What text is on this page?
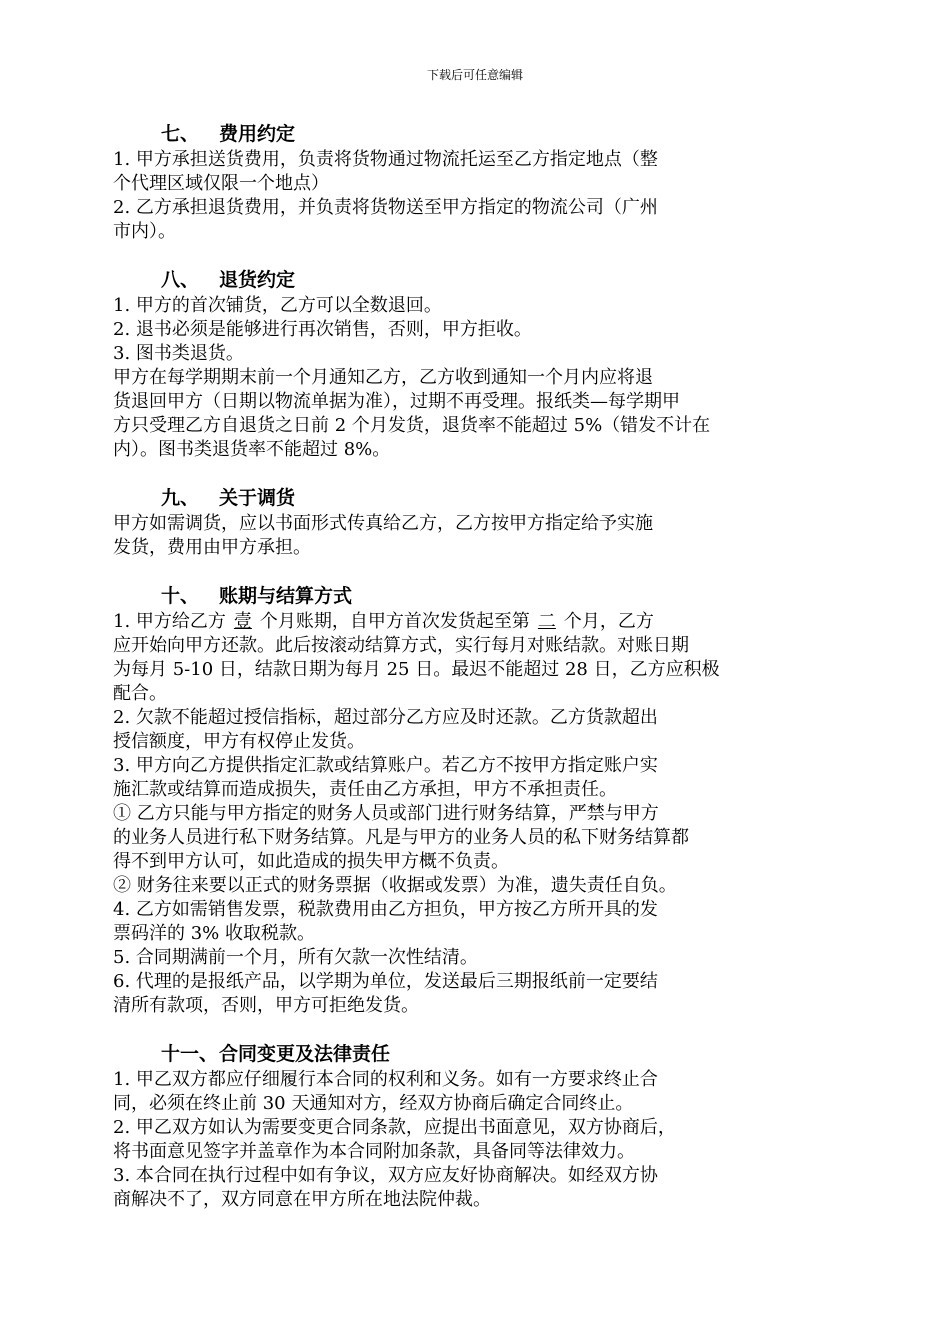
下载后可任意编辑
七、 费用约定

1. 甲方承担送货费用，负责将货物通过物流托运至乙方指定地点（整

个代理区域仅限一个地点）

2. 乙方承担退货费用，并负责将货物送至甲方指定的物流公司（广州

市内）。

八、 退货约定

1. 甲方的首次铺货，乙方可以全数退回。

2. 退书必须是能够进行再次销售，否则，甲方拒收。

3. 图书类退货。

甲方在每学期期末前一个月通知乙方，乙方收到通知一个月内应将退

货退回甲方（日期以物流单据为准），过期不再受理。报纸类—每学期甲

方只受理乙方自退货之日前 2 个月发货，退货率不能超过 5%（错发不计在

内）。图书类退货率不能超过 8%。

九、 关于调货

甲方如需调货，应以书面形式传真给乙方，乙方按甲方指定给予实施

发货，费用由甲方承担。

十、 账期与结算方式

1. 甲方给乙方 壹 个月账期，自甲方首次发货起至第 二 个月，乙方

应开始向甲方还款。此后按滚动结算方式，实行每月对账结款。对账日期

为每月 5-10 日，结款日期为每月 25 日。最迟不能超过 28 日，乙方应积极

配合。

2. 欠款不能超过授信指标，超过部分乙方应及时还款。乙方货款超出

授信额度，甲方有权停止发货。

3. 甲方向乙方提供指定汇款或结算账户。若乙方不按甲方指定账户实

施汇款或结算而造成损失，责任由乙方承担，甲方不承担责任。

① 乙方只能与甲方指定的财务人员或部门进行财务结算，严禁与甲方

的业务人员进行私下财务结算。凡是与甲方的业务人员的私下财务结算都

得不到甲方认可，如此造成的损失甲方概不负责。

② 财务往来要以正式的财务票据（收据或发票）为准，遗失责任自负。

4. 乙方如需销售发票，税款费用由乙方担负，甲方按乙方所开具的发

票码洋的 3% 收取税款。

5. 合同期满前一个月，所有欠款一次性结清。

6. 代理的是报纸产品，以学期为单位，发送最后三期报纸前一定要结

清所有款项，否则，甲方可拒绝发货。

十一、合同变更及法律责任

1. 甲乙双方都应仔细履行本合同的权利和义务。如有一方要求终止合

同，必须在终止前 30 天通知对方，经双方协商后确定合同终止。

2. 甲乙双方如认为需要变更合同条款，应提出书面意见，双方协商后，

将书面意见签字并盖章作为本合同附加条款，具备同等法律效力。

3. 本合同在执行过程中如有争议，双方应友好协商解决。如经双方协

商解决不了，双方同意在甲方所在地法院仲裁。
